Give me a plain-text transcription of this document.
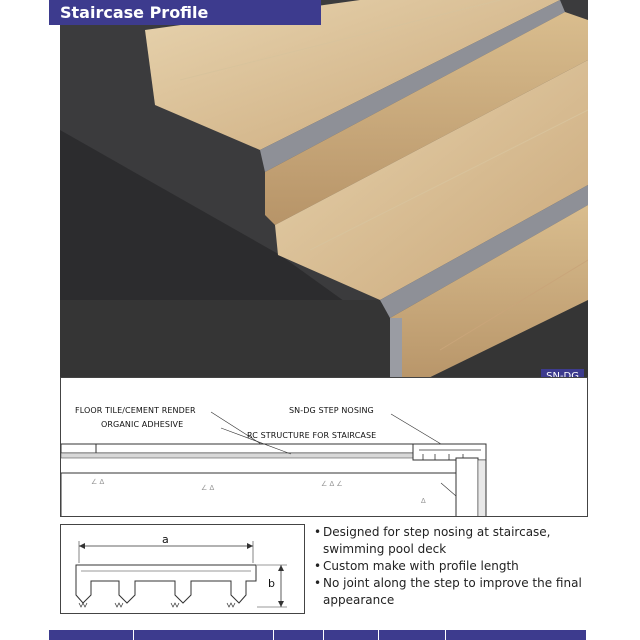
Staircase Profile
∠ ∆
∠ ∆	∠ ∆ ∠
∆
FLOOR TILE/CEMENT RENDER
ORGANIC ADHESIVE
RC STRUCTURE FOR STAIRCASE
SN-DG STEP NOSING
a
b
• Designed for step nosing at staircase, swimming pool deck
• Custom make with profile length
• No joint along the step to improve the final appearance
